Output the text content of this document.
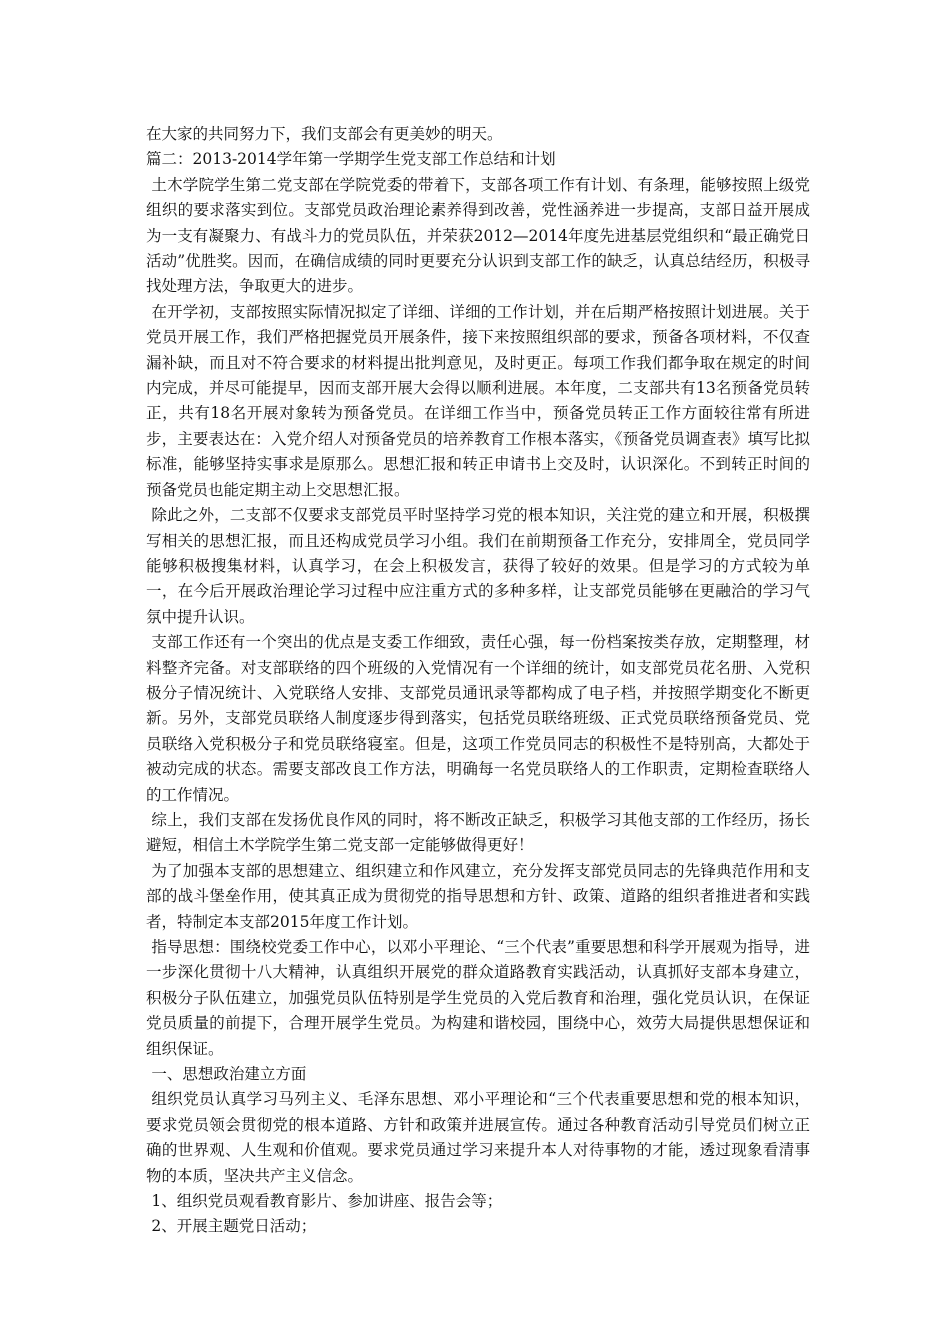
在大家的共同努力下，我们支部会有更美妙的明天。

篇二：2013-2014学年第一学期学生党支部工作总结和计划

土木学院学生第二党支部在学院党委的带着下，支部各项工作有计划、有条理，能够按照上级党组织的要求落实到位。支部党员政治理论素养得到改善，党性涵养进一步提高，支部日益开展成为一支有凝聚力、有战斗力的党员队伍，并荣获2012—2014年度先进基层党组织和“最正确党日活动”优胜奖。因而，在确信成绩的同时更要充分认识到支部工作的缺乏，认真总结经历，积极寻找处理方法，争取更大的进步。

在开学初，支部按照实际情况拟定了详细、详细的工作计划，并在后期严格按照计划进展。关于党员开展工作，我们严格把握党员开展条件，接下来按照组织部的要求，预备各项材料，不仅查漏补缺，而且对不符合要求的材料提出批判意见，及时更正。每项工作我们都争取在规定的时间内完成，并尽可能提早，因而支部开展大会得以顺利进展。本年度，二支部共有13名预备党员转正，共有18名开展对象转为预备党员。在详细工作当中，预备党员转正工作方面较往常有所进步，主要表达在：入党介绍人对预备党员的培养教育工作根本落实，《预备党员调查表》填写比拟标准，能够坚持实事求是原那么。思想汇报和转正申请书上交及时，认识深化。不到转正时间的预备党员也能定期主动上交思想汇报。

除此之外，二支部不仅要求支部党员平时坚持学习党的根本知识，关注党的建立和开展，积极撰写相关的思想汇报，而且还构成党员学习小组。我们在前期预备工作充分，安排周全，党员同学能够积极搜集材料，认真学习，在会上积极发言，获得了较好的效果。但是学习的方式较为单一，在今后开展政治理论学习过程中应注重方式的多种多样，让支部党员能够在更融洽的学习气氛中提升认识。

支部工作还有一个突出的优点是支委工作细致，责任心强，每一份档案按类存放，定期整理，材料整齐完备。对支部联络的四个班级的入党情况有一个详细的统计，如支部党员花名册、入党积极分子情况统计、入党联络人安排、支部党员通讯录等都构成了电子档，并按照学期变化不断更新。另外，支部党员联络人制度逐步得到落实，包括党员联络班级、正式党员联络预备党员、党员联络入党积极分子和党员联络寝室。但是，这项工作党员同志的积极性不是特别高，大都处于被动完成的状态。需要支部改良工作方法，明确每一名党员联络人的工作职责，定期检查联络人的工作情况。

综上，我们支部在发扬优良作风的同时，将不断改正缺乏，积极学习其他支部的工作经历，扬长避短，相信土木学院学生第二党支部一定能够做得更好！

为了加强本支部的思想建立、组织建立和作风建立，充分发挥支部党员同志的先锋典范作用和支部的战斗堡垒作用，使其真正成为贯彻党的指导思想和方针、政策、道路的组织者推进者和实践者，特制定本支部2015年度工作计划。

指导思想：围绕校党委工作中心，以邓小平理论、“三个代表”重要思想和科学开展观为指导，进一步深化贯彻十八大精神，认真组织开展党的群众道路教育实践活动，认真抓好支部本身建立，积极分子队伍建立，加强党员队伍特别是学生党员的入党后教育和治理，强化党员认识，在保证党员质量的前提下，合理开展学生党员。为构建和谐校园，围绕中心，效劳大局提供思想保证和组织保证。

一、思想政治建立方面

组织党员认真学习马列主义、毛泽东思想、邓小平理论和“三个代表重要思想和党的根本知识，要求党员领会贯彻党的根本道路、方针和政策并进展宣传。通过各种教育活动引导党员们树立正确的世界观、人生观和价值观。要求党员通过学习来提升本人对待事物的才能，透过现象看清事物的本质，坚决共产主义信念。

1、组织党员观看教育影片、参加讲座、报告会等；

2、开展主题党日活动；
